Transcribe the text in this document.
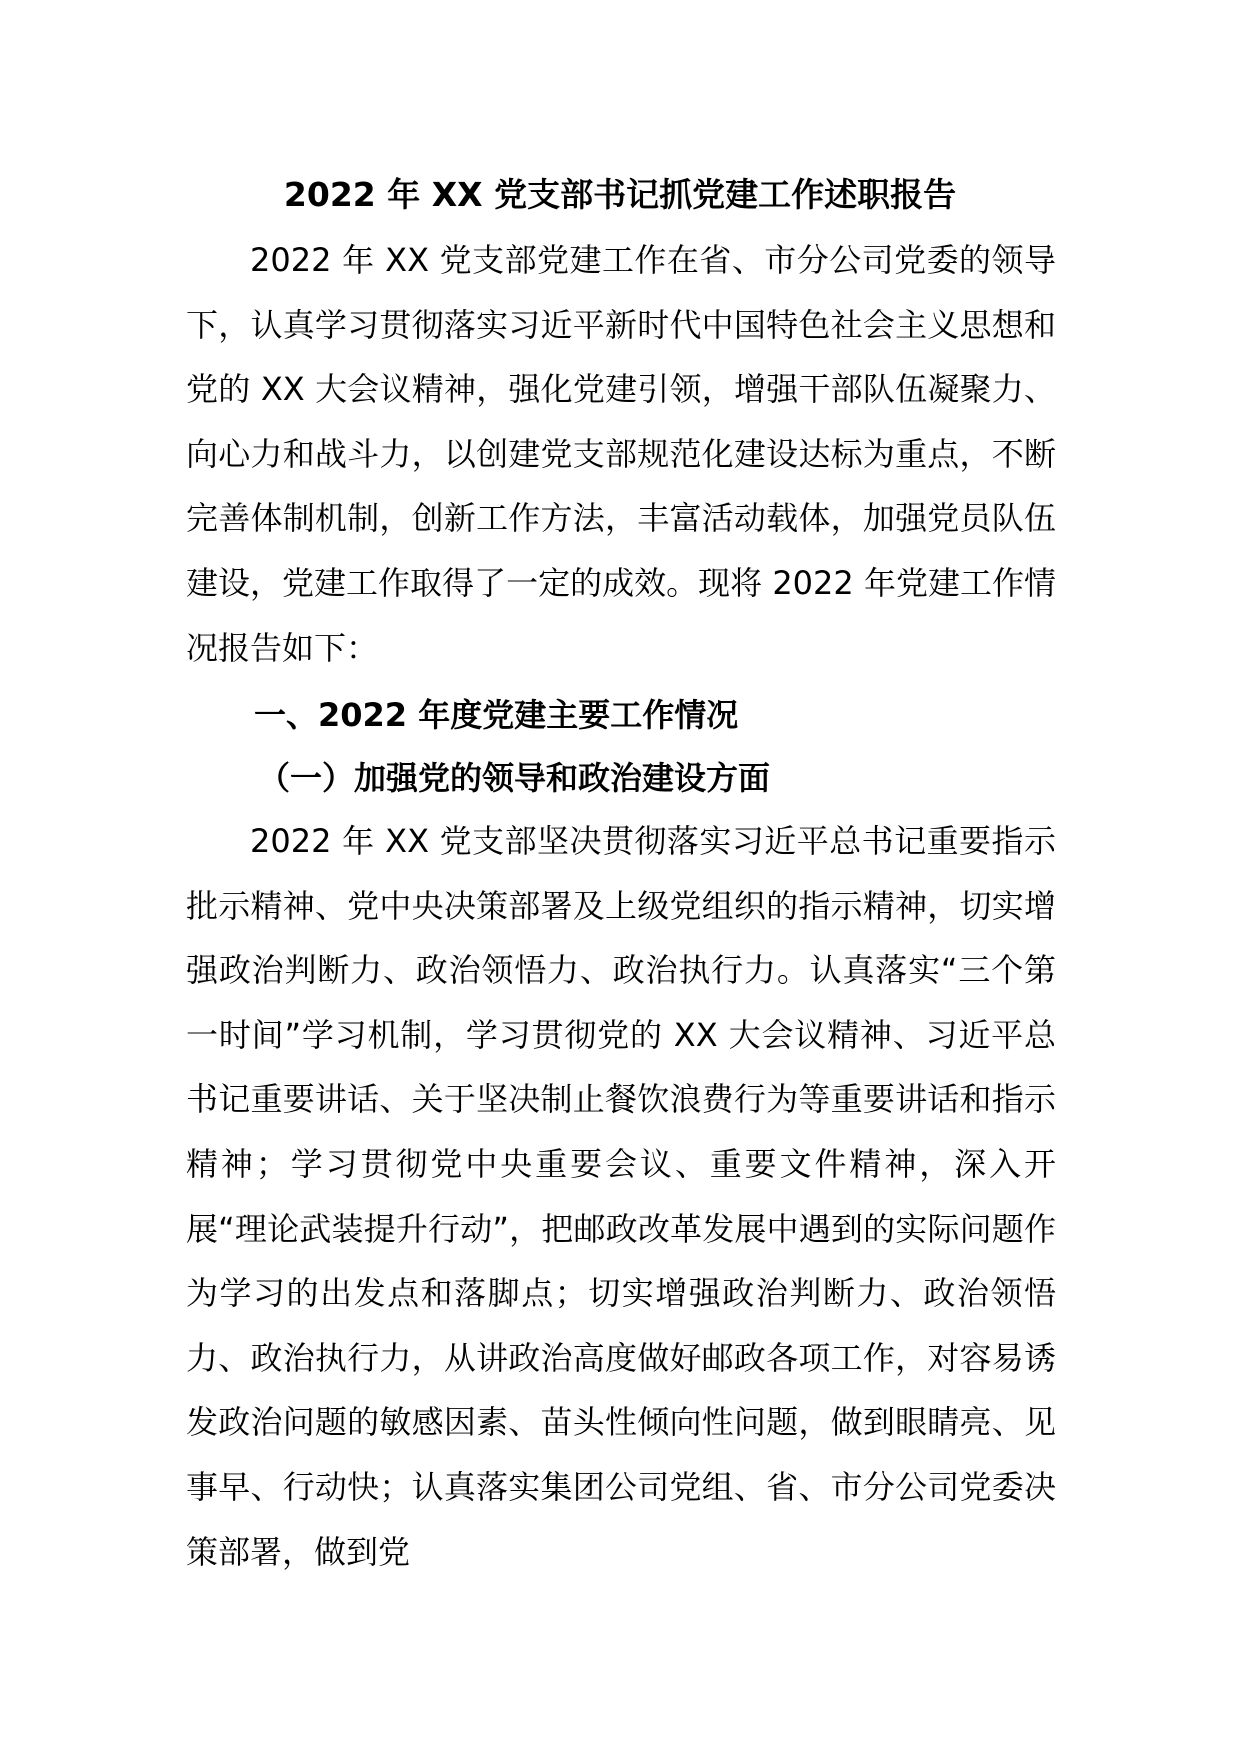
2022 年 XX 党支部书记抓党建工作述职报告

2022 年 XX 党支部党建工作在省、市分公司党委的领导下，认真学习贯彻落实习近平新时代中国特色社会主义思想和党的 XX 大会议精神，强化党建引领，增强干部队伍凝聚力、向心力和战斗力，以创建党支部规范化建设达标为重点，不断完善体制机制，创新工作方法，丰富活动载体，加强党员队伍建设，党建工作取得了一定的成效。现将 2022 年党建工作情况报告如下：

一、2022 年度党建主要工作情况
（一）加强党的领导和政治建设方面

2022 年 XX 党支部坚决贯彻落实习近平总书记重要指示批示精神、党中央决策部署及上级党组织的指示精神，切实增强政治判断力、政治领悟力、政治执行力。认真落实“三个第一时间”学习机制，学习贯彻党的 XX 大会议精神、习近平总书记重要讲话、关于坚决制止餐饮浪费行为等重要讲话和指示精神；学习贯彻党中央重要会议、重要文件精神，深入开展“理论武装提升行动”，把邮政改革发展中遇到的实际问题作为学习的出发点和落脚点；切实增强政治判断力、政治领悟力、政治执行力，从讲政治高度做好邮政各项工作，对容易诱发政治问题的敏感因素、苗头性倾向性问题，做到眼睛亮、见事早、行动快；认真落实集团公司党组、省、市分公司党委决策部署，做到党
